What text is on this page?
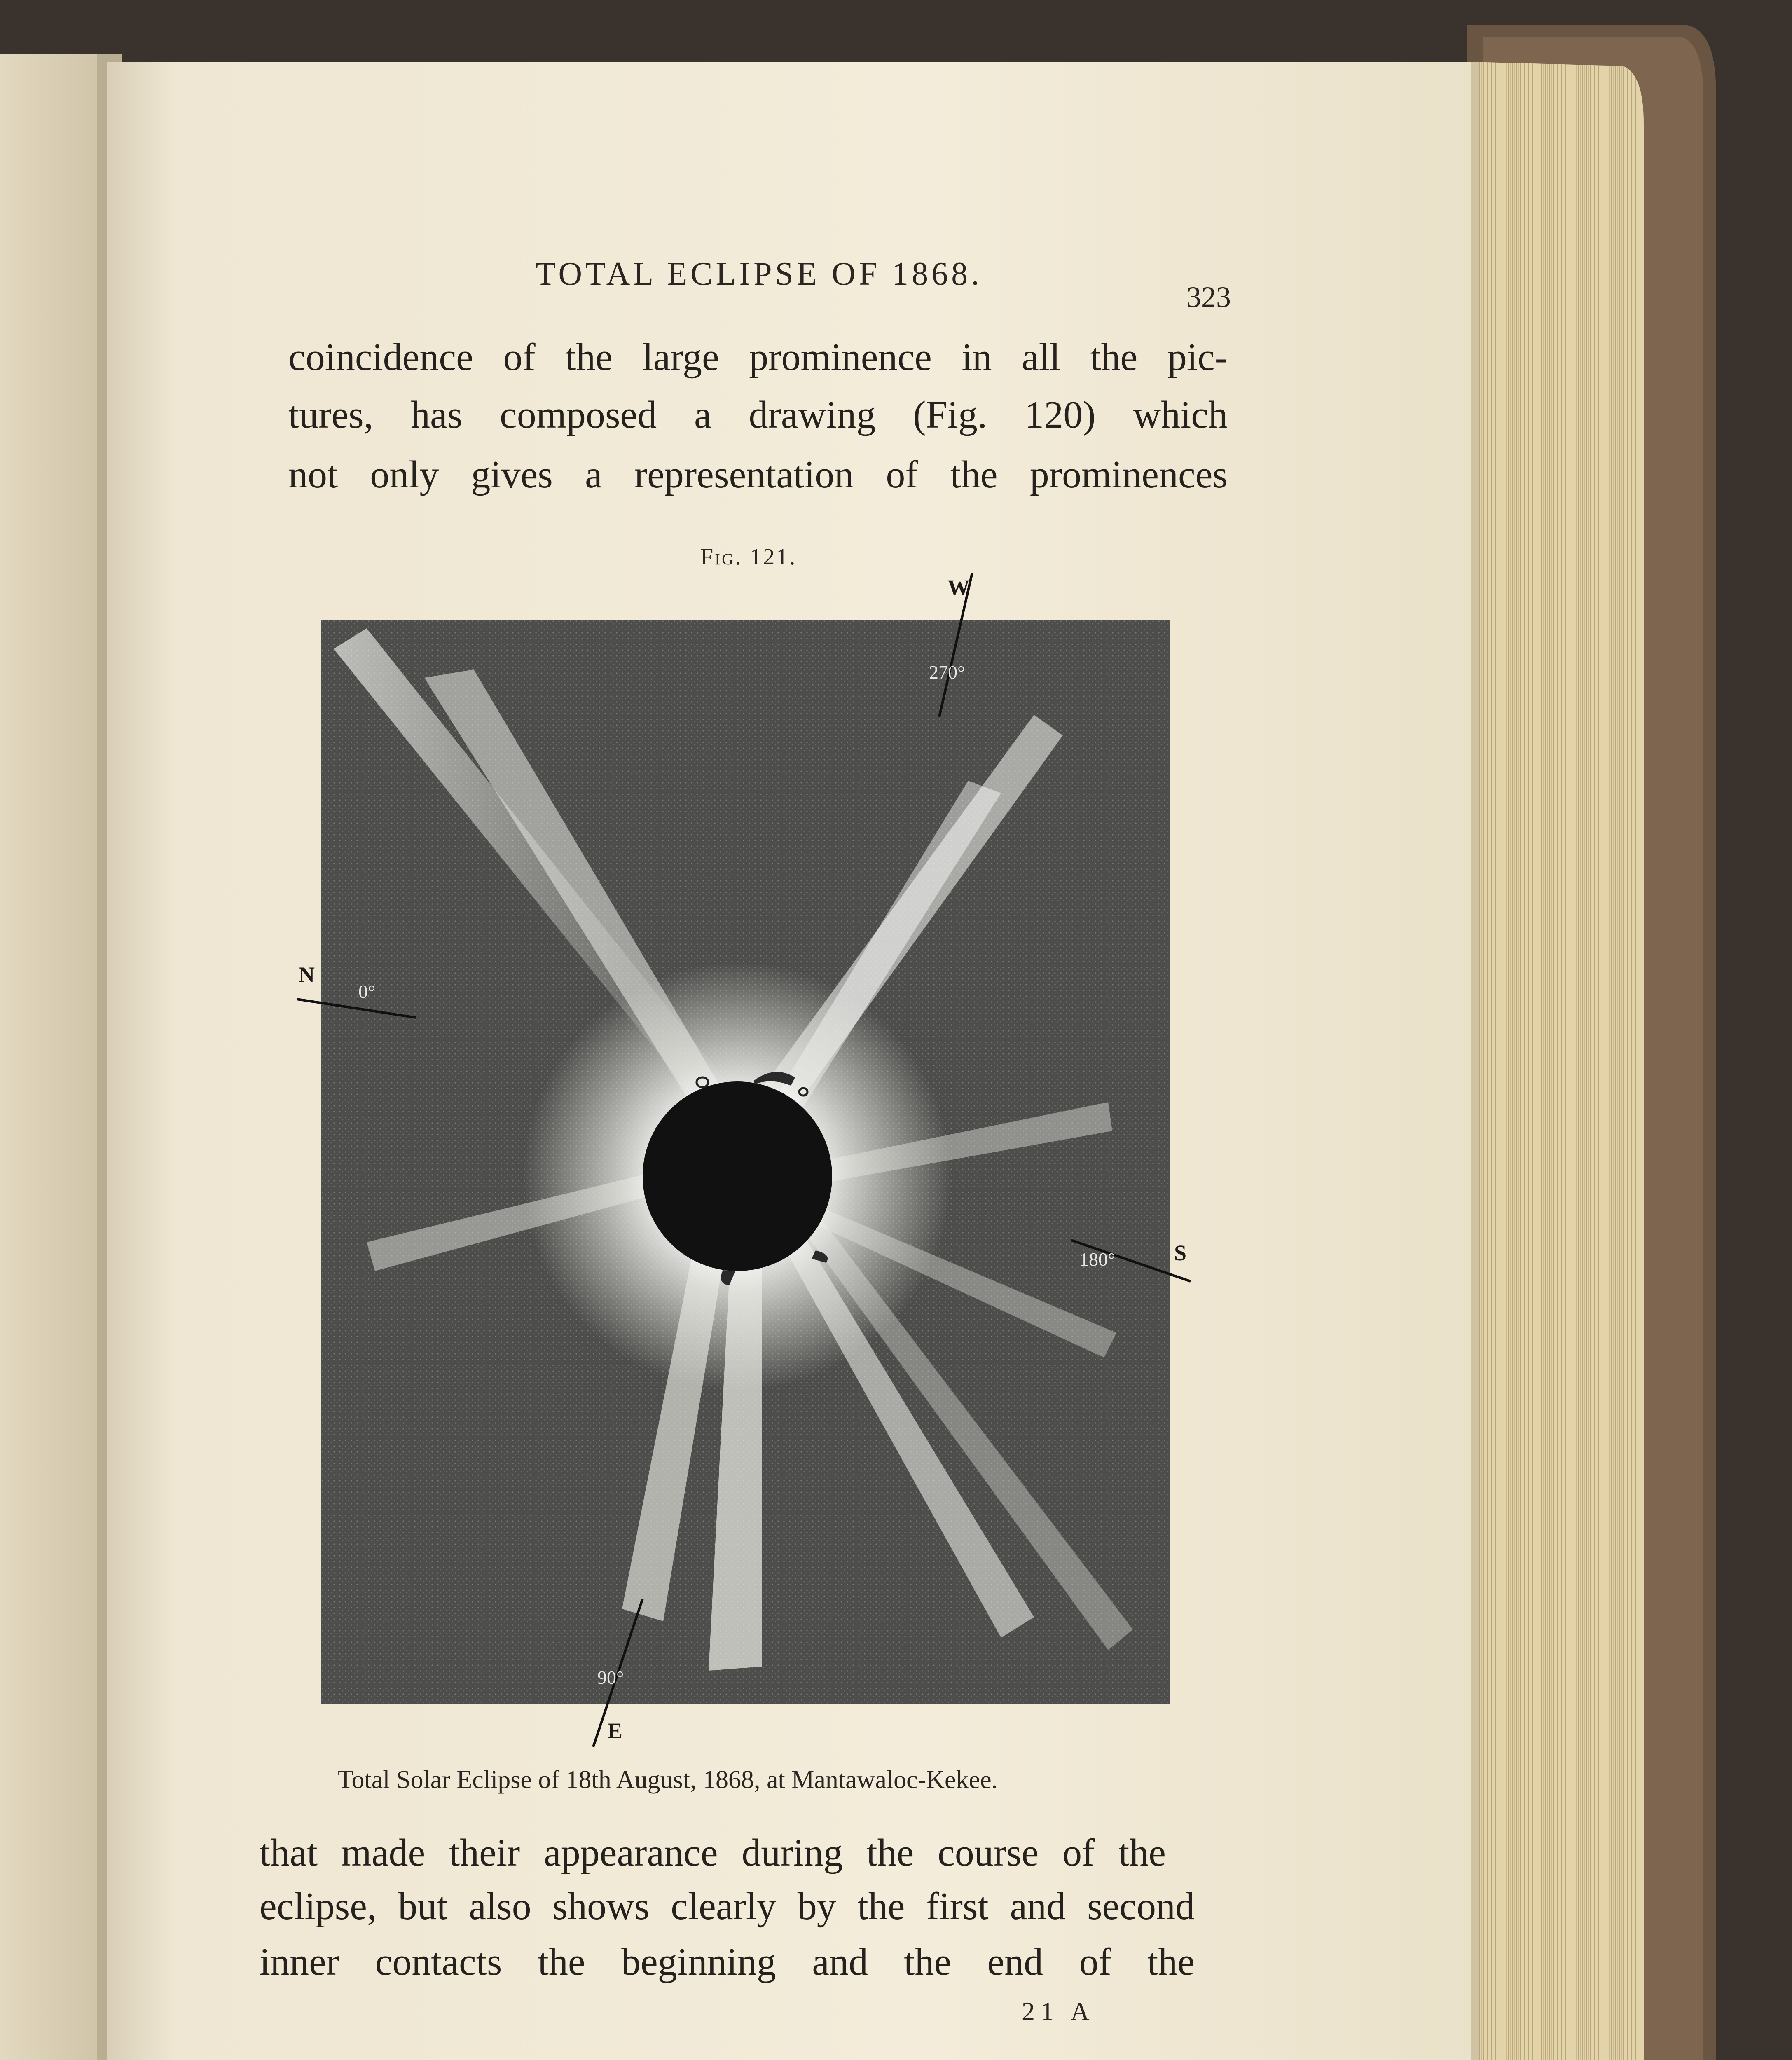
TOTAL ECLIPSE OF 1868.

323

coincidence of the large prominence in all the pic-

tures, has composed a drawing (Fig. 120) which

not only gives a representation of the prominences

Fig. 121.
W
270°
N
0°
S
180°
E
90°

Total Solar Eclipse of 18th August, 1868, at Mantawaloc-Kekee.

that made their appearance during the course of the

eclipse, but also shows clearly by the first and second

inner contacts the beginning and the end of the

21 A
